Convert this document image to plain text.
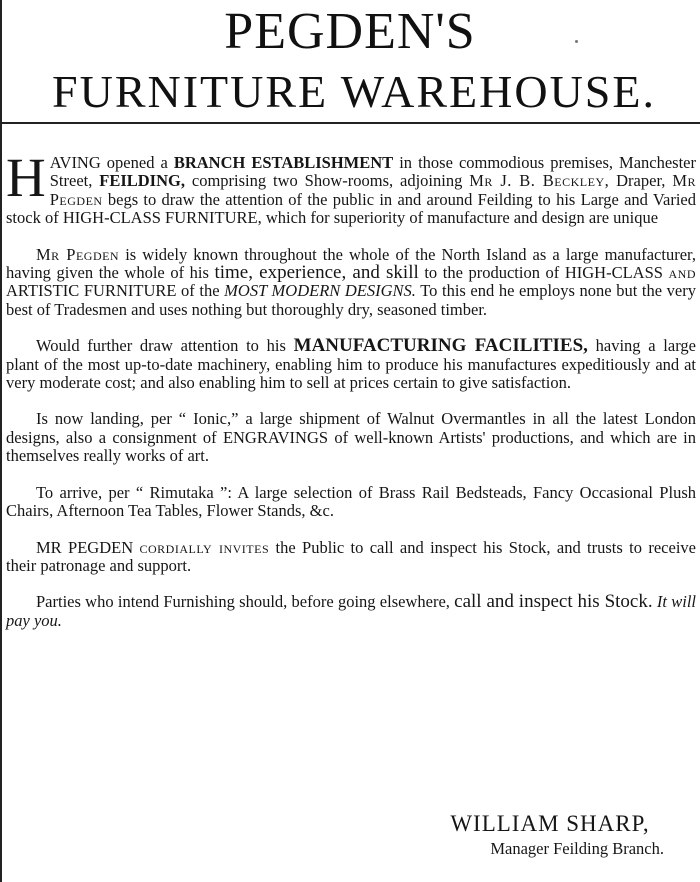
PEGDEN'S
FURNITURE WAREHOUSE.

HAVING opened a BRANCH ESTABLISHMENT in those commodious premises, Manchester Street, FEILDING, comprising two Show-rooms, adjoining Mr J. B. Beckley, Draper, Mr Pegden begs to draw the attention of the public in and around Feilding to his Large and Varied stock of HIGH-CLASS FURNITURE, which for superiority of manufacture and design are unique

Mr Pegden is widely known throughout the whole of the North Island as a large manufacturer, having given the whole of his time, experience, and skill to the production of HIGH-CLASS and ARTISTIC FURNITURE of the MOST MODERN DESIGNS. To this end he employs none but the very best of Tradesmen and uses nothing but thoroughly dry, seasoned timber.

Would further draw attention to his MANUFACTURING FACILITIES, having a large plant of the most up-to-date machinery, enabling him to produce his manufactures expeditiously and at very moderate cost; and also enabling him to sell at prices certain to give satisfaction.

Is now landing, per “ Ionic,” a large shipment of Walnut Overmantles in all the latest London designs, also a consignment of ENGRAVINGS of well-known Artists' productions, and which are in themselves really works of art.

To arrive, per “ Rimutaka ”: A large selection of Brass Rail Bedsteads, Fancy Occasional Plush Chairs, Afternoon Tea Tables, Flower Stands, &c.

MR PEGDEN cordially invites the Public to call and inspect his Stock, and trusts to receive their patronage and support.

Parties who intend Furnishing should, before going elsewhere, call and inspect his Stock. It will pay you.

WILLIAM SHARP,
Manager Feilding Branch.
